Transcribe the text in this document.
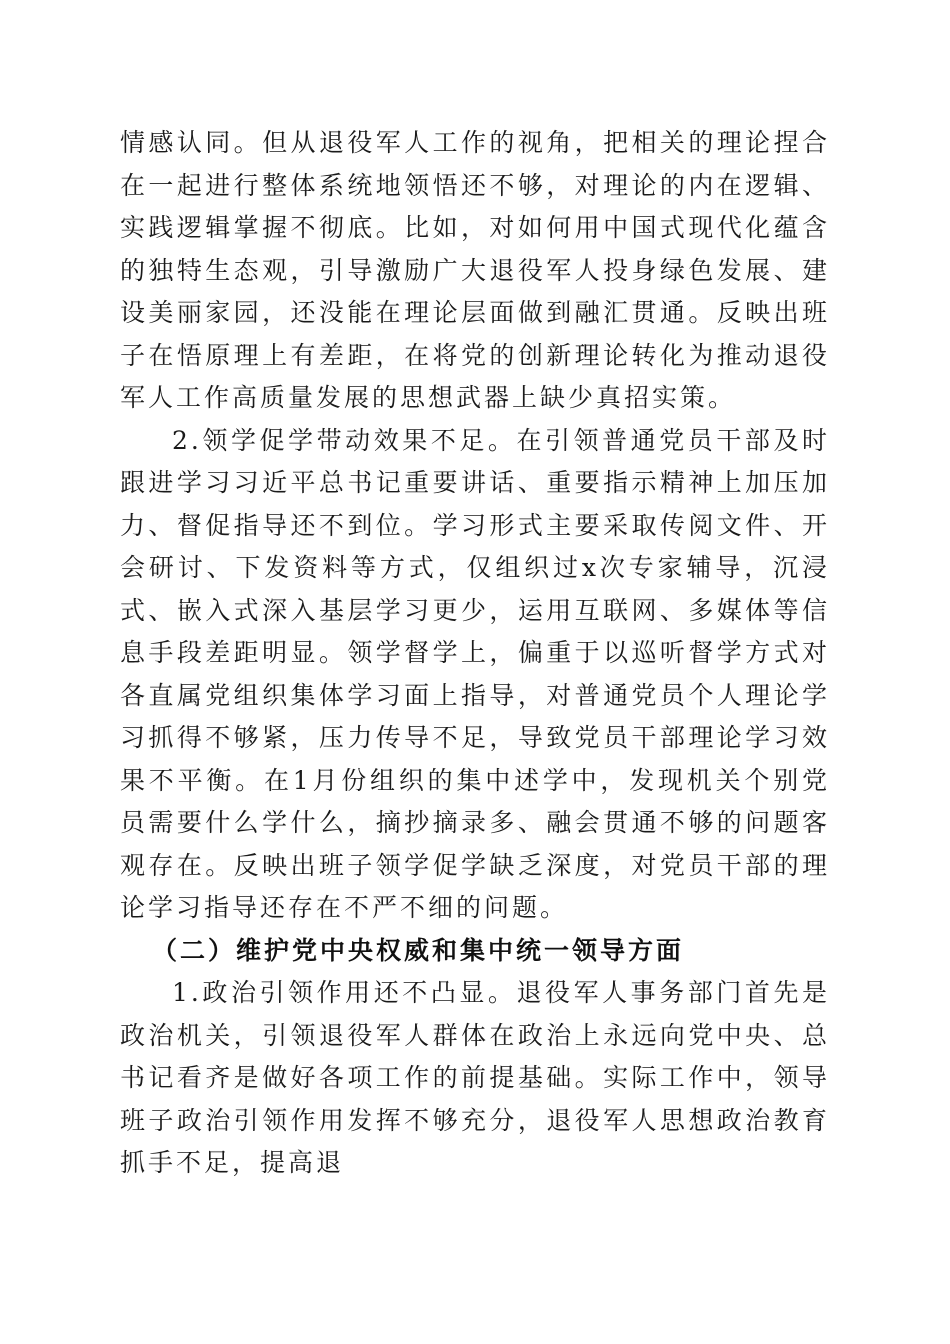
情感认同。但从退役军人工作的视角，把相关的理论捏合在一起进行整体系统地领悟还不够，对理论的内在逻辑、实践逻辑掌握不彻底。比如，对如何用中国式现代化蕴含的独特生态观，引导激励广大退役军人投身绿色发展、建设美丽家园，还没能在理论层面做到融汇贯通。反映出班子在悟原理上有差距，在将党的创新理论转化为推动退役军人工作高质量发展的思想武器上缺少真招实策。

2.领学促学带动效果不足。在引领普通党员干部及时跟进学习习近平总书记重要讲话、重要指示精神上加压加力、督促指导还不到位。学习形式主要采取传阅文件、开会研讨、下发资料等方式，仅组织过x次专家辅导，沉浸式、嵌入式深入基层学习更少，运用互联网、多媒体等信息手段差距明显。领学督学上，偏重于以巡听督学方式对各直属党组织集体学习面上指导，对普通党员个人理论学习抓得不够紧，压力传导不足，导致党员干部理论学习效果不平衡。在1月份组织的集中述学中，发现机关个别党员需要什么学什么，摘抄摘录多、融会贯通不够的问题客观存在。反映出班子领学促学缺乏深度，对党员干部的理论学习指导还存在不严不细的问题。

（二）维护党中央权威和集中统一领导方面

1.政治引领作用还不凸显。退役军人事务部门首先是政治机关，引领退役军人群体在政治上永远向党中央、总书记看齐是做好各项工作的前提基础。实际工作中，领导班子政治引领作用发挥不够充分，退役军人思想政治教育抓手不足，提高退
